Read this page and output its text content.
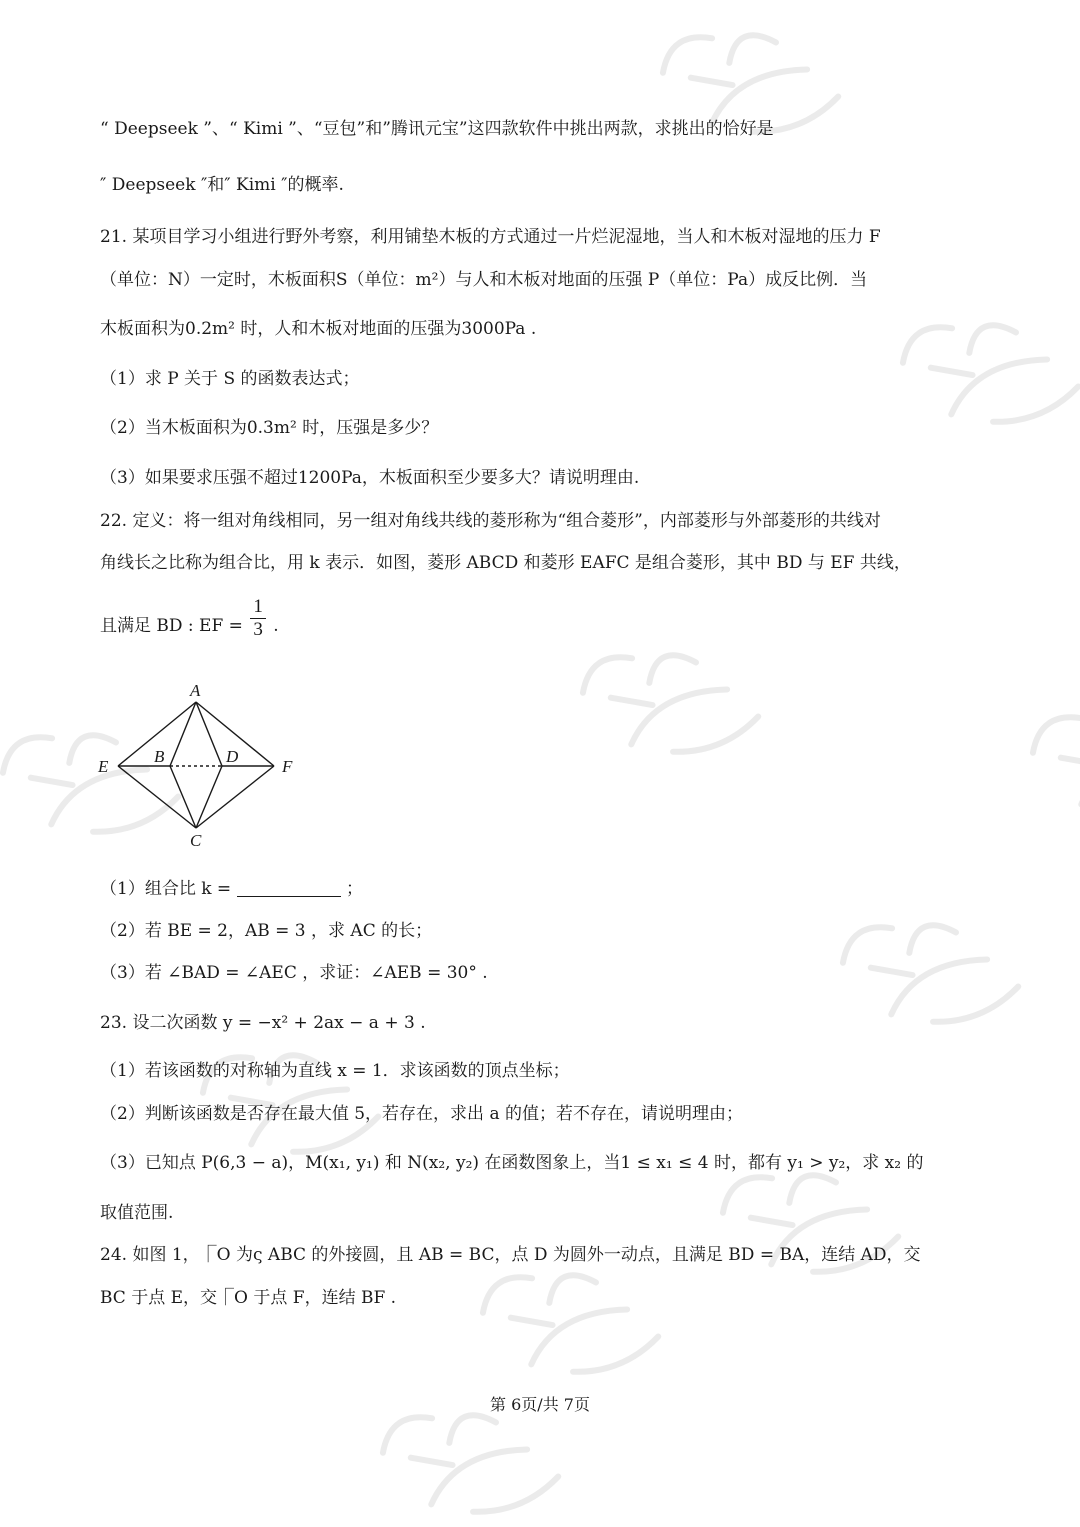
“ Deepseek ”、“ Kimi ”、“豆包”和”腾讯元宝”这四款软件中挑出两款，求挑出的恰好是
″ Deepseek ″和″ Kimi ″的概率.
21. 某项目学习小组进行野外考察，利用铺垫木板的方式通过一片烂泥湿地，当人和木板对湿地的压力 F
（单位：N）一定时，木板面积S（单位：m²）与人和木板对地面的压强 P（单位：Pa）成反比例．当
木板面积为0.2m² 时，人和木板对地面的压强为3000Pa .
（1）求 P 关于 S 的函数表达式；
（2）当木板面积为0.3m² 时，压强是多少？
（3）如果要求压强不超过1200Pa，木板面积至少要多大？请说明理由.
22. 定义：将一组对角线相同，另一组对角线共线的菱形称为“组合菱形”，内部菱形与外部菱形的共线对
角线长之比称为组合比，用 k 表示．如图，菱形 ABCD 和菱形 EAFC 是组合菱形，其中 BD 与 EF 共线，
且满足 BD : EF = $\frac{1}{3}$ .
A
E
B	D
F
C
（1）组合比 k =	；
（2）若 BE = 2，AB = 3 ，求 AC 的长；
（3）若 ∠BAD = ∠AEC ，求证：∠AEB = 30° .
23. 设二次函数 y = −x² + 2ax − a + 3 .
（1）若该函数的对称轴为直线 x = 1．求该函数的顶点坐标；
（2）判断该函数是否存在最大值 5，若存在，求出 a 的值；若不存在，请说明理由；
（3）已知点 P(6,3 − a)，M(x₁, y₁) 和 N(x₂, y₂) 在函数图象上，当1 ≤ x₁ ≤ 4 时，都有 y₁ > y₂，求 x₂ 的
取值范围.
24. 如图 1，⎾O 为ς ABC 的外接圆，且 AB = BC，点 D 为圆外一动点，且满足 BD = BA，连结 AD，交
BC 于点 E，交⎾O 于点 F，连结 BF .
第 6页/共 7页
